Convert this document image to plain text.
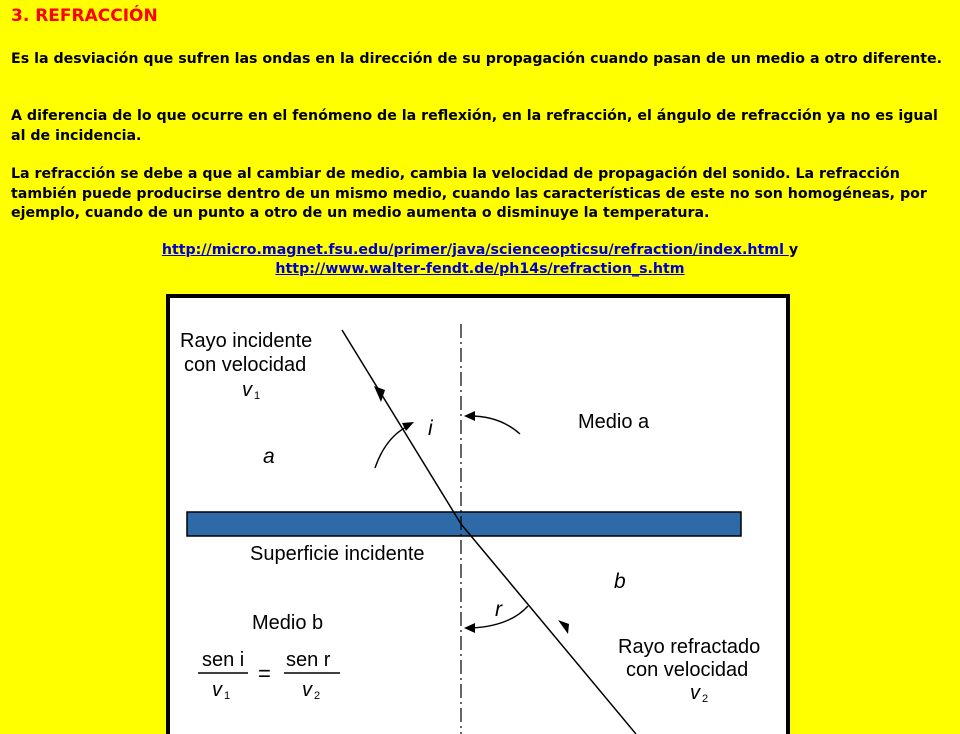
3. REFRACCIÓN

Es la desviación que sufren las ondas en la dirección de su propagación cuando pasan de un medio a otro diferente.

A diferencia de lo que ocurre en el fenómeno de la reflexión, en la refracción, el ángulo de refracción ya no es igual al de incidencia.

La refracción se debe a que al cambiar de medio, cambia la velocidad de propagación del sonido. La refracción también puede producirse dentro de un mismo medio, cuando las características de este no son homogéneas, por ejemplo, cuando de un punto a otro de un medio aumenta o disminuye la temperatura.

http://micro.magnet.fsu.edu/primer/java/scienceopticsu/refraction/index.html y
http://www.walter-fendt.de/ph14s/refraction_s.htm
Rayo incidente
con velocidad
v 1
i	Medio a
a
Superficie incidente
b
r
Medio b
sen i sen r
=
v 1	v 2
Rayo refractado
con velocidad
v 2
